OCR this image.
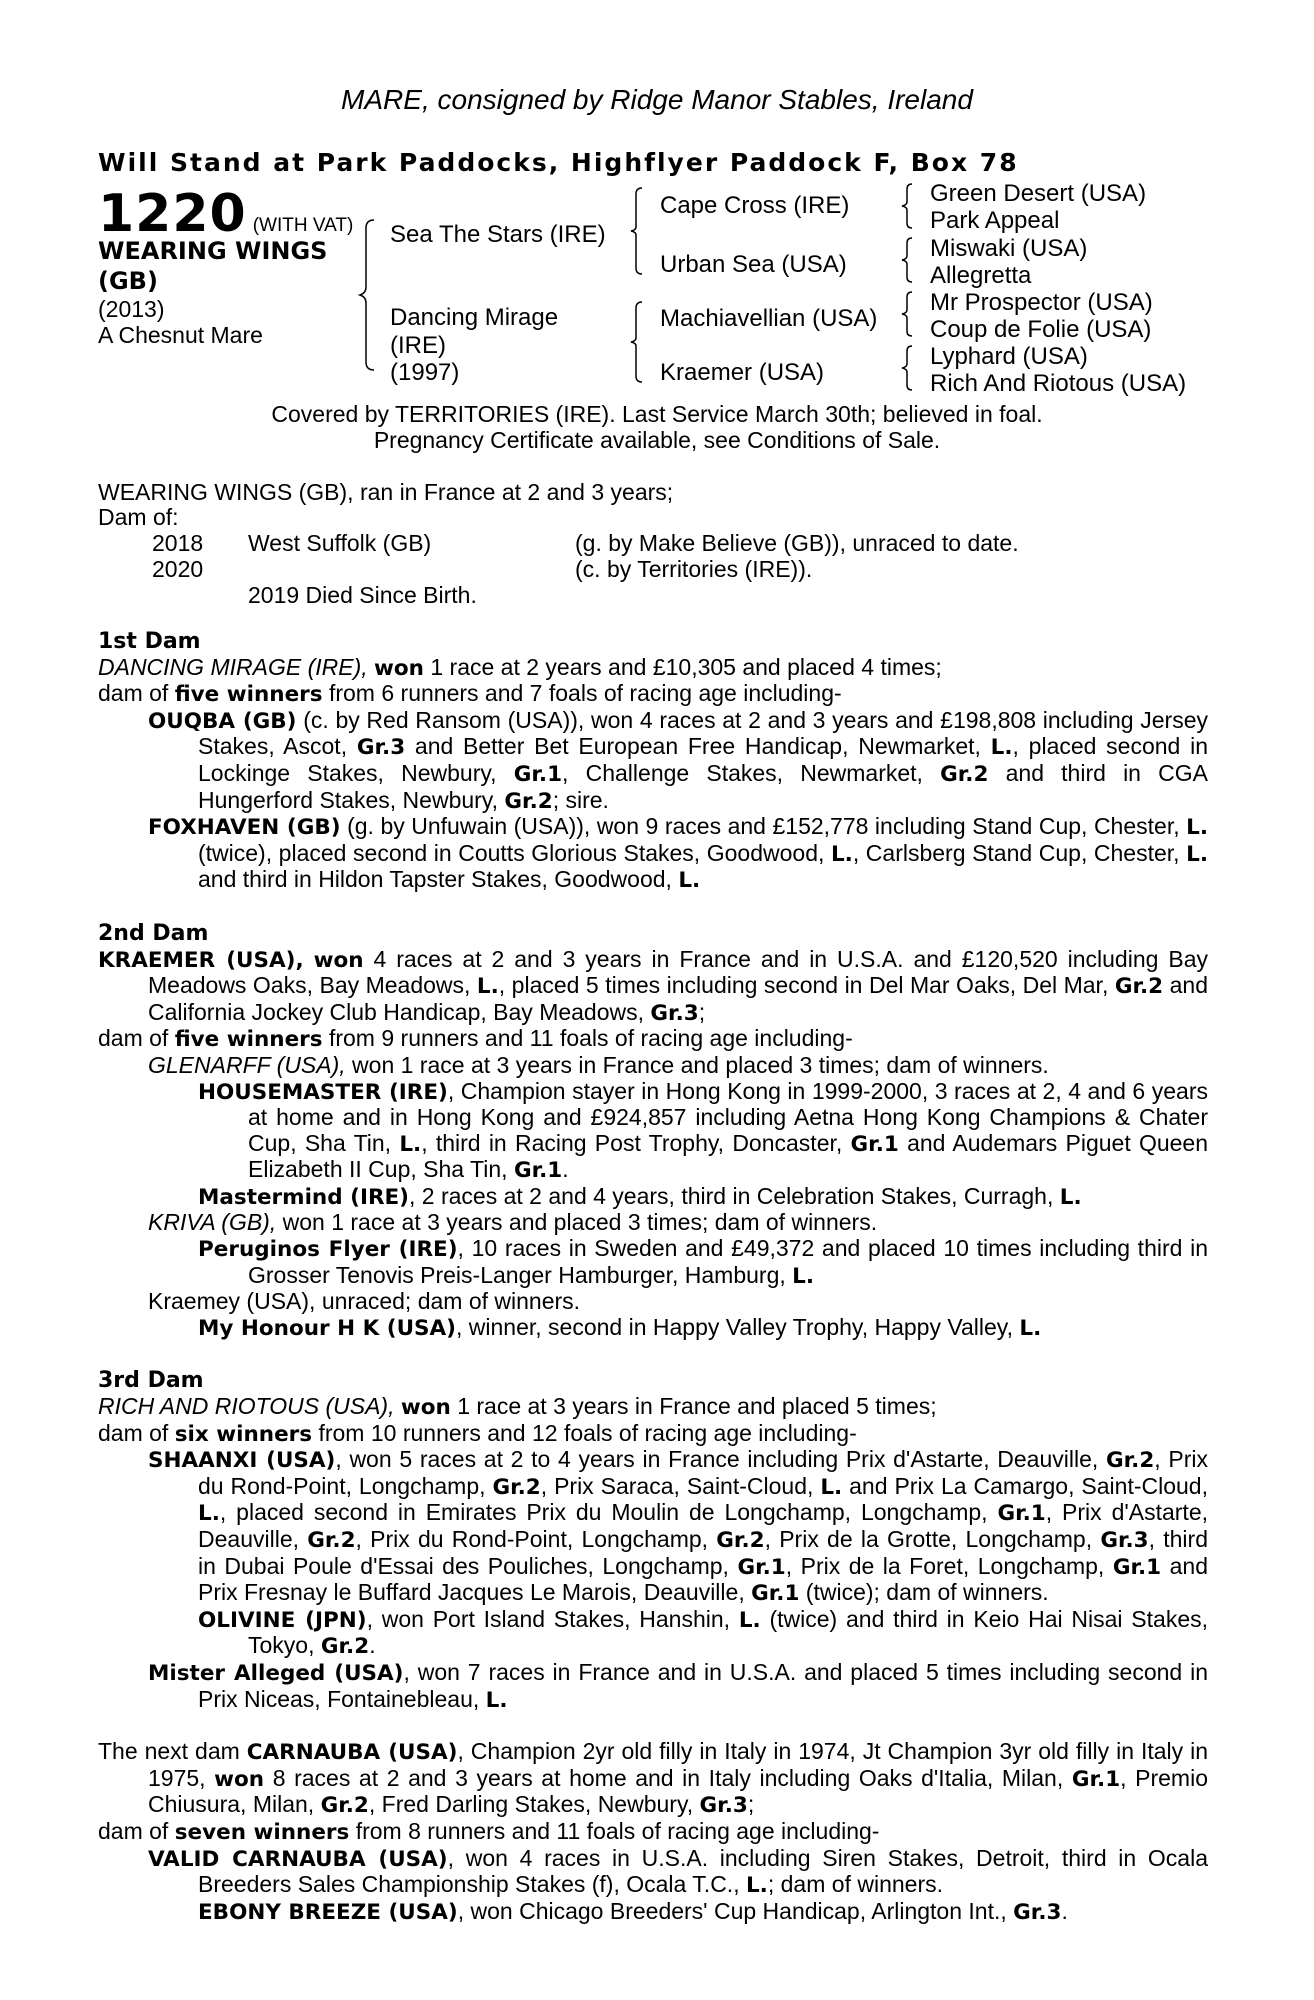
MARE, consigned by Ridge Manor Stables, Ireland
Will Stand at Park Paddocks, Highflyer Paddock F, Box 78
1220 (WITH VAT)
WEARING WINGS
(GB)
(2013)
A Chesnut Mare
Sea The Stars (IRE)
Dancing Mirage
(IRE)
(1997)
Cape Cross (IRE)
Urban Sea (USA)
Machiavellian (USA)
Kraemer (USA)
Green Desert (USA)
Park Appeal
Miswaki (USA)
Allegretta
Mr Prospector (USA)
Coup de Folie (USA)
Lyphard (USA)
Rich And Riotous (USA)
Covered by TERRITORIES (IRE). Last Service March 30th; believed in foal.
Pregnancy Certificate available, see Conditions of Sale.
WEARING WINGS (GB), ran in France at 2 and 3 years;
Dam of:
2018 West Suffolk (GB)	(g. by Make Believe (GB)), unraced to date.
2020	(c. by Territories (IRE)).
2019 Died Since Birth.

1st Dam

DANCING MIRAGE (IRE), won 1 race at 2 years and £10,305 and placed 4 times;

dam of five winners from 6 runners and 7 foals of racing age including-

OUQBA (GB) (c. by Red Ransom (USA)), won 4 races at 2 and 3 years and £198,808 including Jersey Stakes, Ascot, Gr.3 and Better Bet European Free Handicap, Newmarket, L., placed second in Lockinge Stakes, Newbury, Gr.1, Challenge Stakes, Newmarket, Gr.2 and third in CGA Hungerford Stakes, Newbury, Gr.2; sire.

FOXHAVEN (GB) (g. by Unfuwain (USA)), won 9 races and £152,778 including Stand Cup, Chester, L. (twice), placed second in Coutts Glorious Stakes, Goodwood, L., Carlsberg Stand Cup, Chester, L. and third in Hildon Tapster Stakes, Goodwood, L.

2nd Dam

KRAEMER (USA), won 4 races at 2 and 3 years in France and in U.S.A. and £120,520 including Bay Meadows Oaks, Bay Meadows, L., placed 5 times including second in Del Mar Oaks, Del Mar, Gr.2 and California Jockey Club Handicap, Bay Meadows, Gr.3;

dam of five winners from 9 runners and 11 foals of racing age including-

GLENARFF (USA), won 1 race at 3 years in France and placed 3 times; dam of winners.

HOUSEMASTER (IRE), Champion stayer in Hong Kong in 1999-2000, 3 races at 2, 4 and 6 years at home and in Hong Kong and £924,857 including Aetna Hong Kong Champions & Chater Cup, Sha Tin, L., third in Racing Post Trophy, Doncaster, Gr.1 and Audemars Piguet Queen Elizabeth II Cup, Sha Tin, Gr.1.

Mastermind (IRE), 2 races at 2 and 4 years, third in Celebration Stakes, Curragh, L.

KRIVA (GB), won 1 race at 3 years and placed 3 times; dam of winners.

Peruginos Flyer (IRE), 10 races in Sweden and £49,372 and placed 10 times including third in Grosser Tenovis Preis-Langer Hamburger, Hamburg, L.

Kraemey (USA), unraced; dam of winners.

My Honour H K (USA), winner, second in Happy Valley Trophy, Happy Valley, L.

3rd Dam

RICH AND RIOTOUS (USA), won 1 race at 3 years in France and placed 5 times;

dam of six winners from 10 runners and 12 foals of racing age including-

SHAANXI (USA), won 5 races at 2 to 4 years in France including Prix d'Astarte, Deauville, Gr.2, Prix du Rond-Point, Longchamp, Gr.2, Prix Saraca, Saint-Cloud, L. and Prix La Camargo, Saint-Cloud, L., placed second in Emirates Prix du Moulin de Longchamp, Longchamp, Gr.1, Prix d'Astarte, Deauville, Gr.2, Prix du Rond-Point, Longchamp, Gr.2, Prix de la Grotte, Longchamp, Gr.3, third in Dubai Poule d'Essai des Pouliches, Longchamp, Gr.1, Prix de la Foret, Longchamp, Gr.1 and Prix Fresnay le Buffard Jacques Le Marois, Deauville, Gr.1 (twice); dam of winners.

OLIVINE (JPN), won Port Island Stakes, Hanshin, L. (twice) and third in Keio Hai Nisai Stakes, Tokyo, Gr.2.

Mister Alleged (USA), won 7 races in France and in U.S.A. and placed 5 times including second in Prix Niceas, Fontainebleau, L.

The next dam CARNAUBA (USA), Champion 2yr old filly in Italy in 1974, Jt Champion 3yr old filly in Italy in 1975, won 8 races at 2 and 3 years at home and in Italy including Oaks d'Italia, Milan, Gr.1, Premio Chiusura, Milan, Gr.2, Fred Darling Stakes, Newbury, Gr.3;

dam of seven winners from 8 runners and 11 foals of racing age including-

VALID CARNAUBA (USA), won 4 races in U.S.A. including Siren Stakes, Detroit, third in Ocala Breeders Sales Championship Stakes (f), Ocala T.C., L.; dam of winners.

EBONY BREEZE (USA), won Chicago Breeders' Cup Handicap, Arlington Int., Gr.3.
